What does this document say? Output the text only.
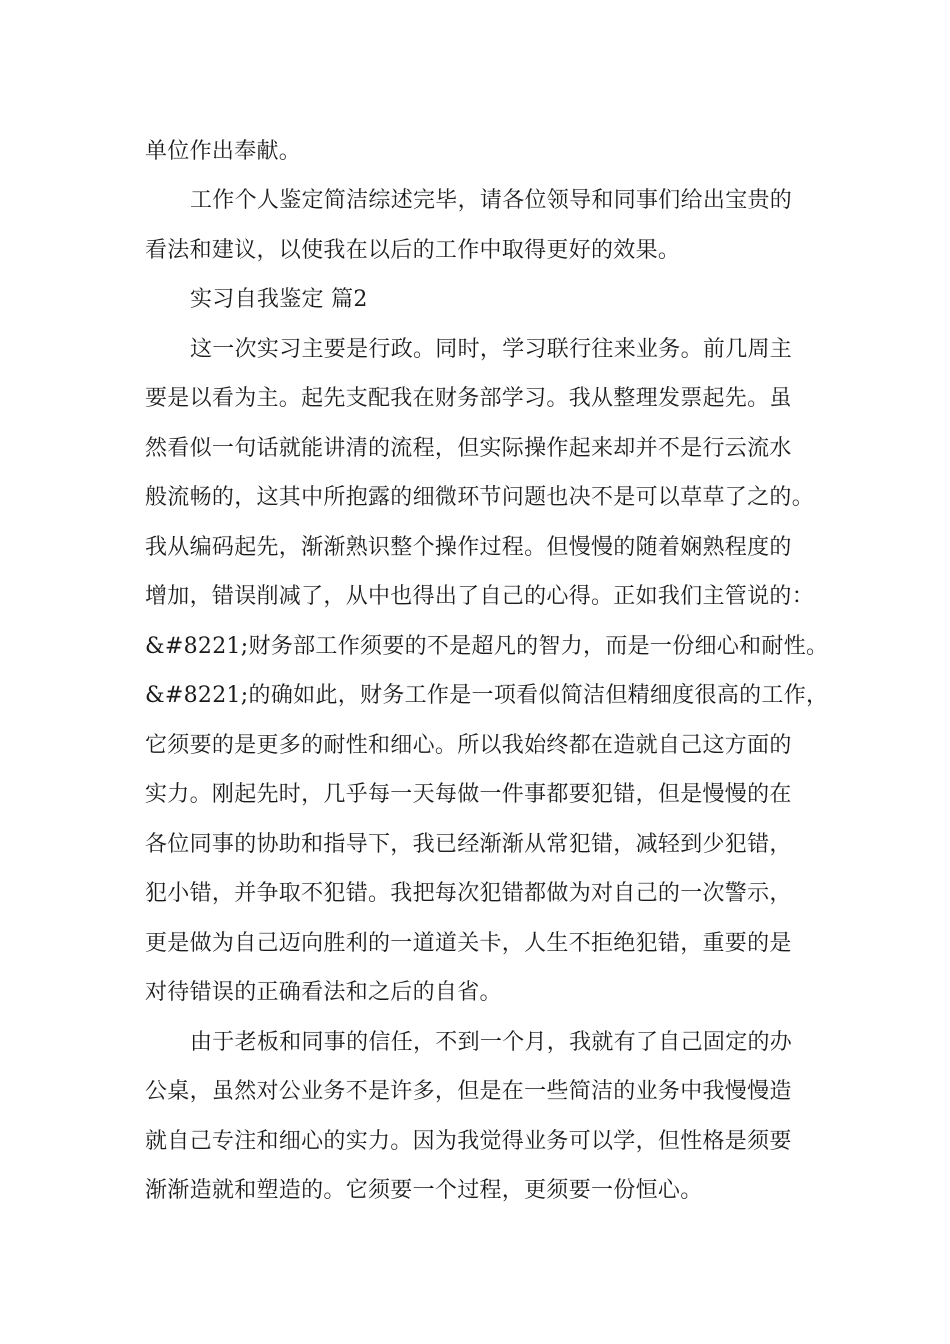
单位作出奉献。

工作个人鉴定简洁综述完毕，请各位领导和同事们给出宝贵的

看法和建议，以使我在以后的工作中取得更好的效果。

实习自我鉴定 篇2

这一次实习主要是行政。同时，学习联行往来业务。前几周主

要是以看为主。起先支配我在财务部学习。我从整理发票起先。虽

然看似一句话就能讲清的流程，但实际操作起来却并不是行云流水

般流畅的，这其中所抱露的细微环节问题也决不是可以草草了之的。

我从编码起先，渐渐熟识整个操作过程。但慢慢的随着娴熟程度的

增加，错误削减了，从中也得出了自己的心得。正如我们主管说的：

&#8221;财务部工作须要的不是超凡的智力，而是一份细心和耐性。

&#8221;的确如此，财务工作是一项看似简洁但精细度很高的工作，

它须要的是更多的耐性和细心。所以我始终都在造就自己这方面的

实力。刚起先时，几乎每一天每做一件事都要犯错，但是慢慢的在

各位同事的协助和指导下，我已经渐渐从常犯错，减轻到少犯错，

犯小错，并争取不犯错。我把每次犯错都做为对自己的一次警示，

更是做为自己迈向胜利的一道道关卡，人生不拒绝犯错，重要的是

对待错误的正确看法和之后的自省。

由于老板和同事的信任，不到一个月，我就有了自己固定的办

公桌，虽然对公业务不是许多，但是在一些简洁的业务中我慢慢造

就自己专注和细心的实力。因为我觉得业务可以学，但性格是须要

渐渐造就和塑造的。它须要一个过程，更须要一份恒心。
